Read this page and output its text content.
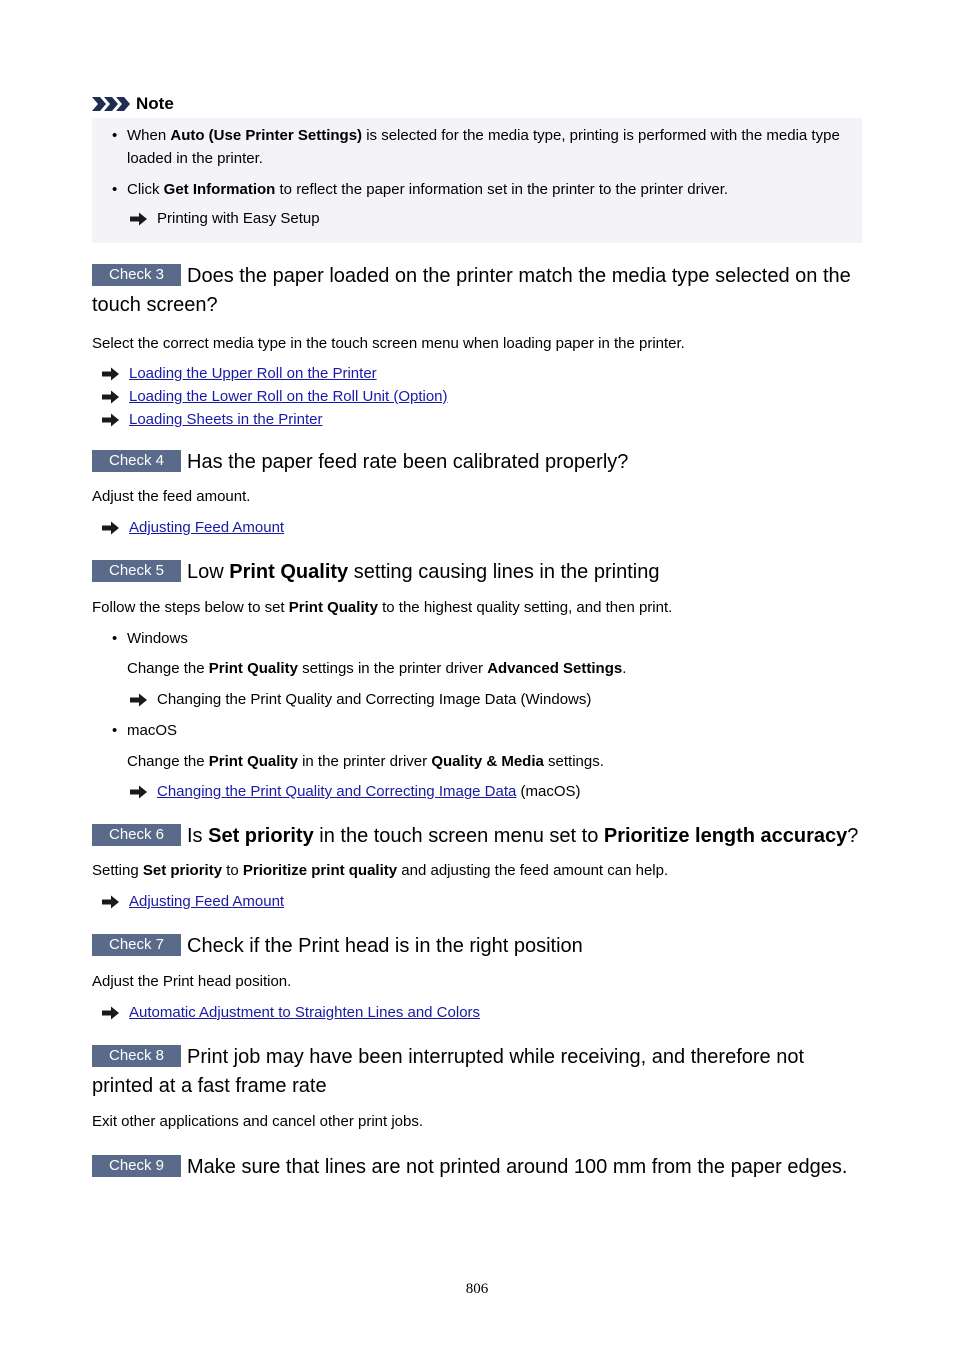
Note
• When Auto (Use Printer Settings) is selected for the media type, printing is performed with the media type loaded in the printer.
• Click Get Information to reflect the paper information set in the printer to the printer driver.
Printing with Easy Setup
Check 3 Does the paper loaded on the printer match the media type selected on the touch screen?
Select the correct media type in the touch screen menu when loading paper in the printer.
Loading the Upper Roll on the Printer
Loading the Lower Roll on the Roll Unit (Option)
Loading Sheets in the Printer
Check 4 Has the paper feed rate been calibrated properly?
Adjust the feed amount.
Adjusting Feed Amount
Check 5 Low Print Quality setting causing lines in the printing
Follow the steps below to set Print Quality to the highest quality setting, and then print.
• Windows
Change the Print Quality settings in the printer driver Advanced Settings.
Changing the Print Quality and Correcting Image Data (Windows)
• macOS
Change the Print Quality in the printer driver Quality & Media settings.
Changing the Print Quality and Correcting Image Data (macOS)
Check 6 Is Set priority in the touch screen menu set to Prioritize length accuracy?
Setting Set priority to Prioritize print quality and adjusting the feed amount can help.
Adjusting Feed Amount
Check 7 Check if the Print head is in the right position
Adjust the Print head position.
Automatic Adjustment to Straighten Lines and Colors
Check 8 Print job may have been interrupted while receiving, and therefore not printed at a fast frame rate
Exit other applications and cancel other print jobs.
Check 9 Make sure that lines are not printed around 100 mm from the paper edges.
806
